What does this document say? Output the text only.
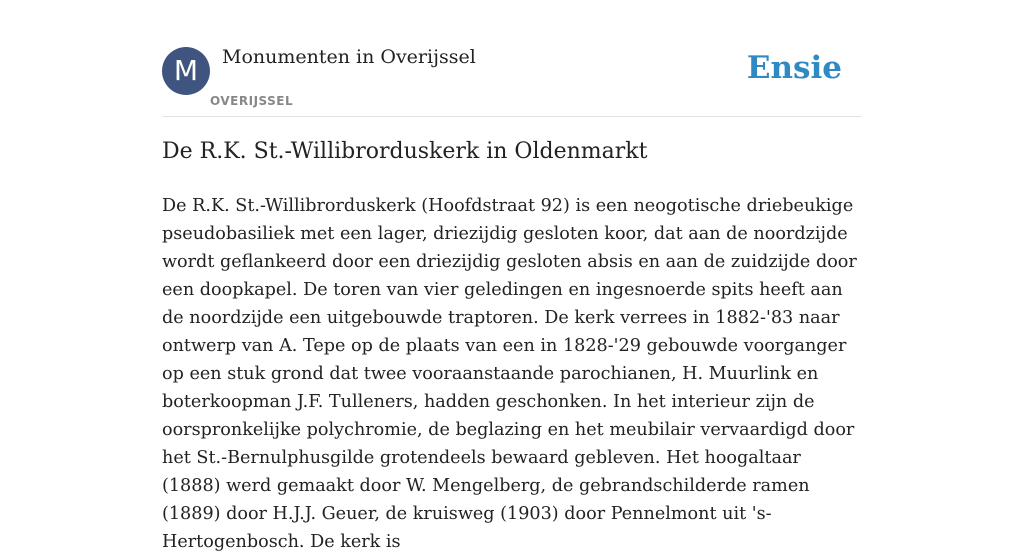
M Monumenten in Overijssel
OVERIJSSEL
Ensie
De R.K. St.-Willibrorduskerk in Oldenmarkt

De R.K. St.-Willibrorduskerk (Hoofdstraat 92) is een neogotische driebeukige pseudobasiliek met een lager, driezijdig gesloten koor, dat aan de noordzijde wordt geflankeerd door een driezijdig gesloten absis en aan de zuidzijde door een doopkapel. De toren van vier geledingen en ingesnoerde spits heeft aan de noordzijde een uitgebouwde traptoren. De kerk verrees in 1882-'83 naar ontwerp van A. Tepe op de plaats van een in 1828-'29 gebouwde voorganger op een stuk grond dat twee vooraanstaande parochianen, H. Muurlink en boterkoopman J.F. Tulleners, hadden geschonken. In het interieur zijn de oorspronkelijke polychromie, de beglazing en het meubilair vervaardigd door het St.-Bernulphusgilde grotendeels bewaard gebleven. Het hoogaltaar (1888) werd gemaakt door W. Mengelberg, de gebrandschilderde ramen (1889) door H.J.J. Geuer, de kruisweg (1903) door Pennelmont uit 's-Hertogenbosch. De kerk is
